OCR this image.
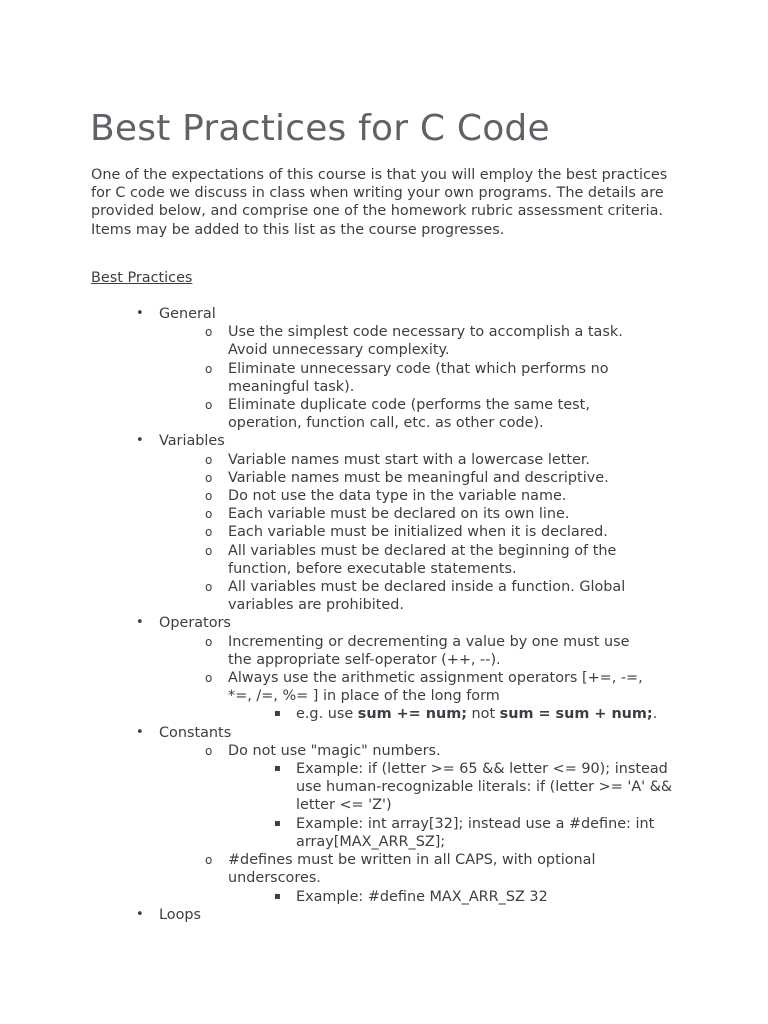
Best Practices for C Code

One of the expectations of this course is that you will employ the best practices for C code we discuss in class when writing your own programs. The details are provided below, and comprise one of the homework rubric assessment criteria. Items may be added to this list as the course progresses.

Best Practices

• General
o Use the simplest code necessary to accomplish a task. Avoid unnecessary complexity.
o Eliminate unnecessary code (that which performs no meaningful task).
o Eliminate duplicate code (performs the same test, operation, function call, etc. as other code).
• Variables
o Variable names must start with a lowercase letter.
o Variable names must be meaningful and descriptive.
o Do not use the data type in the variable name.
o Each variable must be declared on its own line.
o Each variable must be initialized when it is declared.
o All variables must be declared at the beginning of the function, before executable statements.
o All variables must be declared inside a function. Global variables are prohibited.
• Operators
o Incrementing or decrementing a value by one must use the appropriate self-operator (++, --).
o Always use the arithmetic assignment operators [+=, -=, *=, /=, %= ] in place of the long form
▪ e.g. use sum += num; not sum = sum + num;.
• Constants
o Do not use "magic" numbers.
▪ Example: if (letter >= 65 && letter <= 90); instead use human-recognizable literals: if (letter >= 'A' && letter <= 'Z')
▪ Example: int array[32]; instead use a #define: int array[MAX_ARR_SZ];
o #defines must be written in all CAPS, with optional underscores.
▪ Example: #define MAX_ARR_SZ 32
• Loops
